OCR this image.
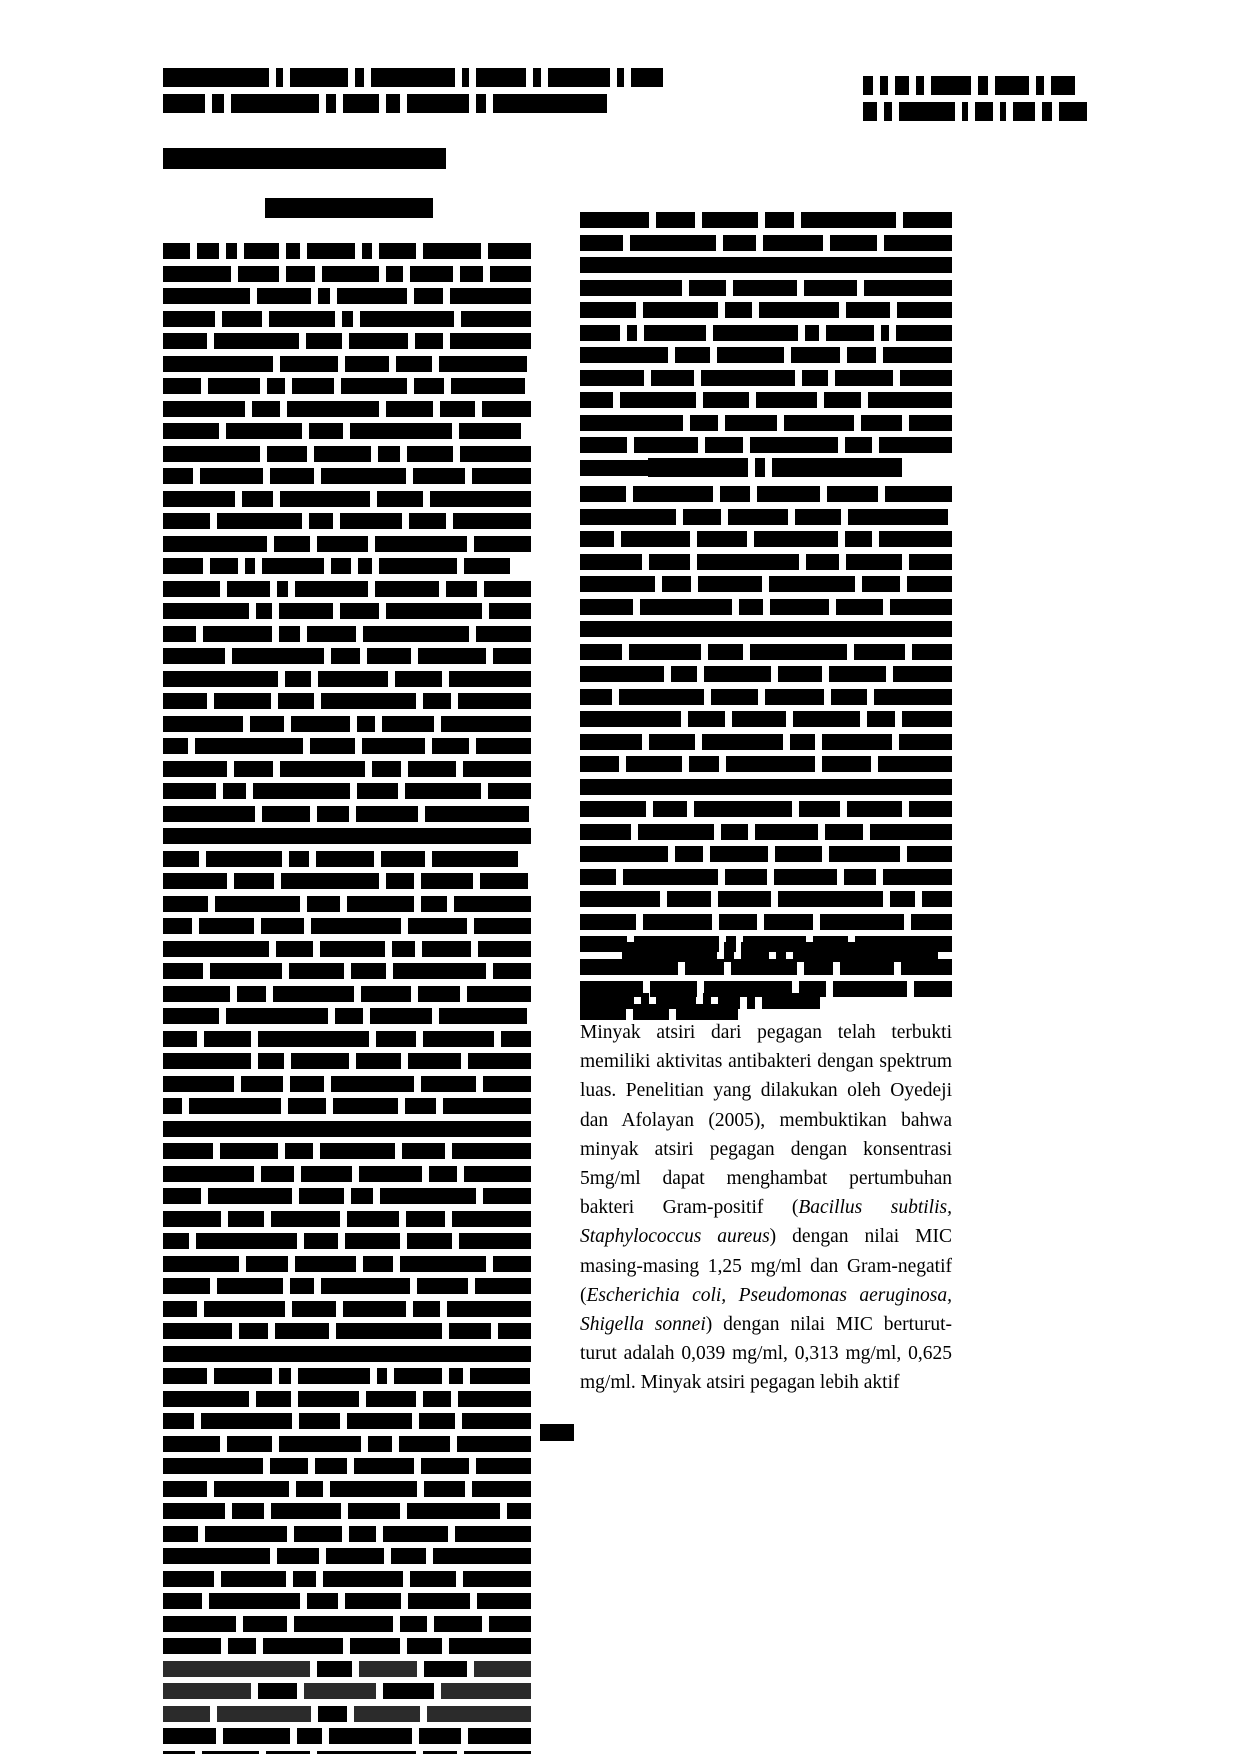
Minyak atsiri dari pegagan telah terbukti memiliki aktivitas antibakteri dengan spektrum luas. Penelitian yang dilakukan oleh Oyedeji dan Afolayan (2005), membuktikan bahwa minyak atsiri pegagan dengan konsentrasi 5mg/ml dapat menghambat pertumbuhan bakteri Gram-positif (Bacillus subtilis, Staphylococcus aureus) dengan nilai MIC masing-masing 1,25 mg/ml dan Gram-negatif (Escherichia coli, Pseudomonas aeruginosa, Shigella sonnei) dengan nilai MIC berturut-turut adalah 0,039 mg/ml, 0,313 mg/ml, 0,625 mg/ml. Minyak atsiri pegagan lebih aktif
